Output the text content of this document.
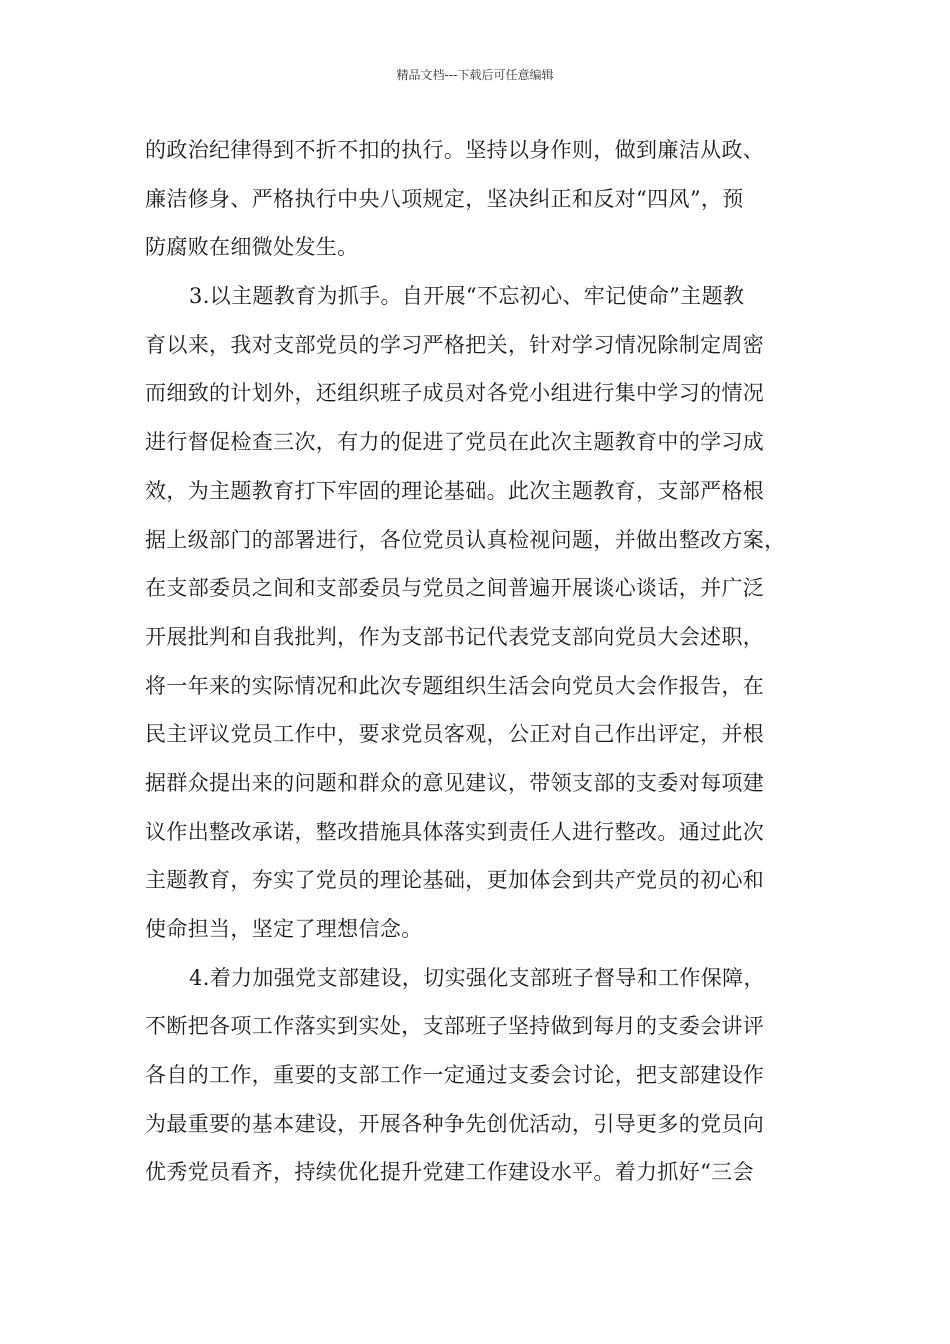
精品文档---下载后可任意编辑
的政治纪律得到不折不扣的执行。坚持以身作则，做到廉洁从政、
廉洁修身、严格执行中央八项规定，坚决纠正和反对“四风”，预
防腐败在细微处发生。
3.以主题教育为抓手。自开展“不忘初心、牢记使命”主题教
育以来，我对支部党员的学习严格把关，针对学习情况除制定周密
而细致的计划外，还组织班子成员对各党小组进行集中学习的情况
进行督促检查三次，有力的促进了党员在此次主题教育中的学习成
效，为主题教育打下牢固的理论基础。此次主题教育，支部严格根
据上级部门的部署进行，各位党员认真检视问题，并做出整改方案，
在支部委员之间和支部委员与党员之间普遍开展谈心谈话，并广泛
开展批判和自我批判，作为支部书记代表党支部向党员大会述职，
将一年来的实际情况和此次专题组织生活会向党员大会作报告，在
民主评议党员工作中，要求党员客观，公正对自己作出评定，并根
据群众提出来的问题和群众的意见建议，带领支部的支委对每项建
议作出整改承诺，整改措施具体落实到责任人进行整改。通过此次
主题教育，夯实了党员的理论基础，更加体会到共产党员的初心和
使命担当，坚定了理想信念。
4.着力加强党支部建设，切实强化支部班子督导和工作保障，
不断把各项工作落实到实处，支部班子坚持做到每月的支委会讲评
各自的工作，重要的支部工作一定通过支委会讨论，把支部建设作
为最重要的基本建设，开展各种争先创优活动，引导更多的党员向
优秀党员看齐，持续优化提升党建工作建设水平。着力抓好“三会
